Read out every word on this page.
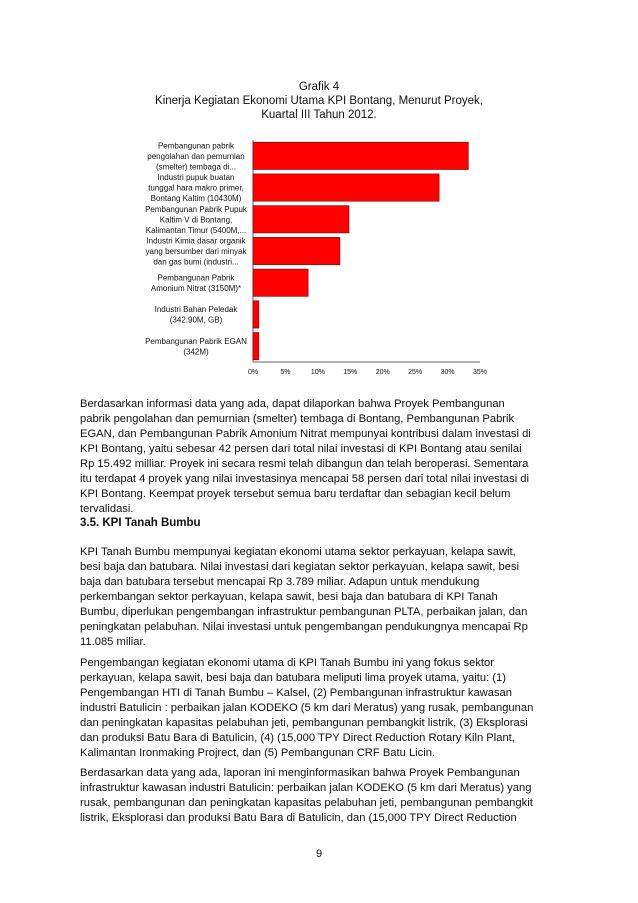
Grafik 4
Kinerja Kegiatan Ekonomi Utama KPI Bontang, Menurut Proyek,
Kuartal III Tahun 2012.
Pembangunan pabrik pengolahan dan pemurnian (smelter) tembaga di...
Industri pupuk buatan tunggal hara makro primer, Bontang Kaltim (10430M)
Pembangunan Pabrik Pupuk Kaltim V di Bontang, Kalimantan Timur (5400M,...
Industri Kimia dasar organik yang bersumber dari minyak dan gas bumi (industri...
Pembangunan Pabrik Amonium Nitrat (3150M)*
Industri Bahan Peledak (342.90M, GB)
Pembangunan Pabrik EGAN (342M)
0%	5%	10%	15%	20%	25%	30%	35%
Berdasarkan informasi data yang ada, dapat dilaporkan bahwa Proyek Pembangunan
pabrik pengolahan dan pemurnian (smelter) tembaga di Bontang, Pembangunan Pabrik
EGAN, dan Pembangunan Pabrik Amonium Nitrat mempunyai kontribusi dalam investasi di
KPI Bontang, yaitu sebesar 42 persen dari total nilai investasi di KPI Bontang atau senilai
Rp 15.492 milliar. Proyek ini secara resmi telah dibangun dan telah beroperasi. Sementara
itu terdapat 4 proyek yang nilai investasinya mencapai 58 persen dari total nilai investasi di
KPI Bontang. Keempat proyek tersebut semua baru terdaftar dan sebagian kecil belum
tervalidasi.
3.5. KPI Tanah Bumbu
KPI Tanah Bumbu mempunyai kegiatan ekonomi utama sektor perkayuan, kelapa sawit,
besi baja dan batubara. Nilai investasi dari kegiatan sektor perkayuan, kelapa sawit, besi
baja dan batubara tersebut mencapai Rp 3.789 miliar. Adapun untuk mendukung
perkembangan sektor perkayuan, kelapa sawit, besi baja dan batubara di KPI Tanah
Bumbu, diperlukan pengembangan infrastruktur pembangunan PLTA, perbaikan jalan, dan
peningkatan pelabuhan. Nilai investasi untuk pengembangan pendukungnya mencapai Rp
11.085 miliar.
Pengembangan kegiatan ekonomi utama di KPI Tanah Bumbu ini yang fokus sektor
perkayuan, kelapa sawit, besi baja dan batubara meliputi lima proyek utama, yaitu: (1)
Pengembangan HTI di Tanah Bumbu – Kalsel, (2) Pembangunan infrastruktur kawasan
industri Batulicin : perbaikan jalan KODEKO (5 km dari Meratus) yang rusak, pembangunan
dan peningkatan kapasitas pelabuhan jeti, pembangunan pembangkit listrik, (3) Eksplorasi
dan produksi Batu Bara di Batulicin, (4) (15,000 TPY Direct Reduction Rotary Kiln Plant,
Kalimantan Ironmaking Projrect, dan (5) Pembangunan CRF Batu Licin.
Berdasarkan data yang ada, laporan ini menginformasikan bahwa Proyek Pembangunan
infrastruktur kawasan industri Batulicin: perbaikan jalan KODEKO (5 km dari Meratus) yang
rusak, pembangunan dan peningkatan kapasitas pelabuhan jeti, pembangunan pembangkit
listrik, Eksplorasi dan produksi Batu Bara di Batulicin, dan (15,000 TPY Direct Reduction
9
